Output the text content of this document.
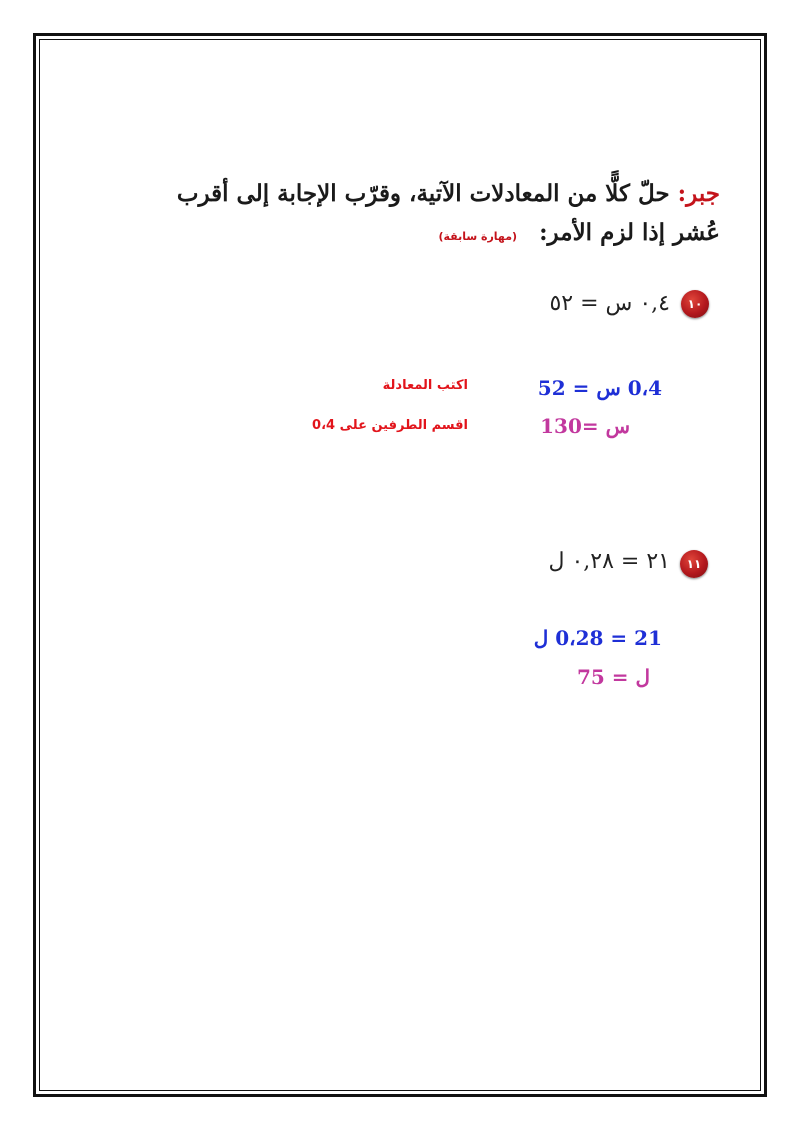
جبر: حلّ كلًّا من المعادلات الآتية، وقرّب الإجابة إلى أقرب
عُشر إذا لزم الأمر: (مهارة سابقة)
١٠
٠,٤ س = ٥٢
0،4 س = 52
اكتب المعادلة
س =130
اقسم الطرفين على 0،4
١١
٢١ = ٠,٢٨ ل
21 = 0،28 ل
ل = 75
